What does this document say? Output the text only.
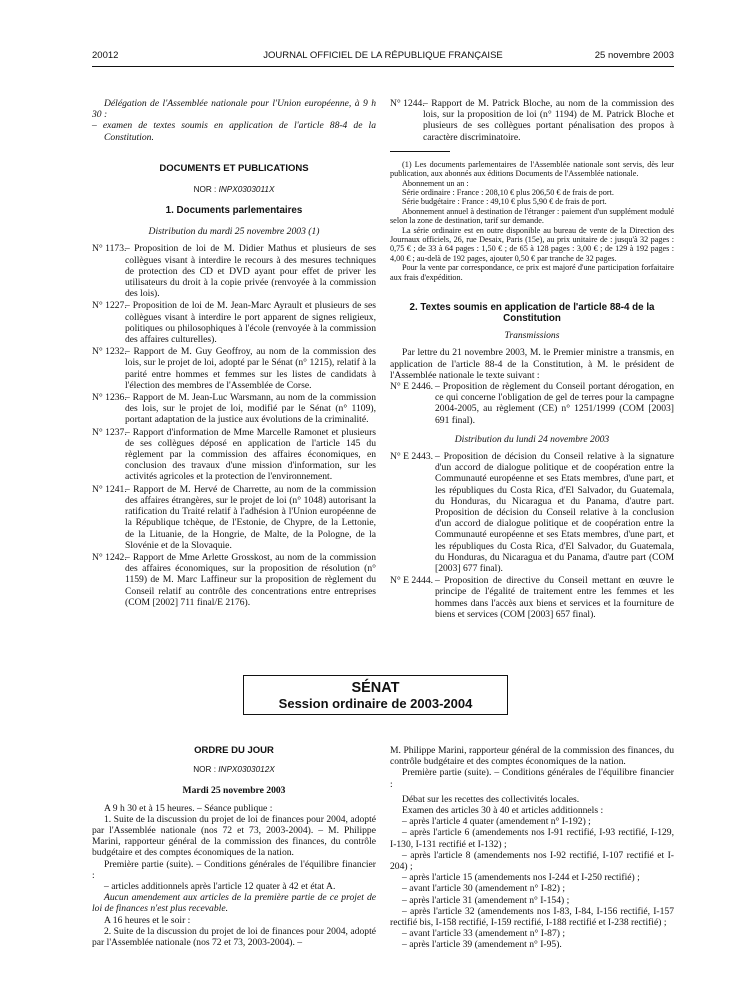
20012	JOURNAL OFFICIEL DE LA RÉPUBLIQUE FRANÇAISE	25 novembre 2003

Délégation de l'Assemblée nationale pour l'Union européenne, à 9 h 30 :

– examen de textes soumis en application de l'article 88-4 de la Constitution.

DOCUMENTS ET PUBLICATIONS
NOR : INPX0303011X
1. Documents parlementaires
Distribution du mardi 25 novembre 2003 (1)
N° 1173.
– Proposition de loi de M. Didier Mathus et plusieurs de ses collègues visant à interdire le recours à des mesures techniques de protection des CD et DVD ayant pour effet de priver les utilisateurs du droit à la copie privée (renvoyée à la commission des lois).
N° 1227.
– Proposition de loi de M. Jean-Marc Ayrault et plusieurs de ses collègues visant à interdire le port apparent de signes religieux, politiques ou philosophiques à l'école (renvoyée à la commission des affaires culturelles).
N° 1232.
– Rapport de M. Guy Geoffroy, au nom de la commission des lois, sur le projet de loi, adopté par le Sénat (n° 1215), relatif à la parité entre hommes et femmes sur les listes de candidats à l'élection des membres de l'Assemblée de Corse.
N° 1236.
– Rapport de M. Jean-Luc Warsmann, au nom de la commission des lois, sur le projet de loi, modifié par le Sénat (n° 1109), portant adaptation de la justice aux évolutions de la criminalité.
N° 1237.
– Rapport d'information de Mme Marcelle Ramonet et plusieurs de ses collègues déposé en application de l'article 145 du règlement par la commission des affaires économiques, en conclusion des travaux d'une mission d'information, sur les activités agricoles et la protection de l'environnement.
N° 1241.
– Rapport de M. Hervé de Charrette, au nom de la commission des affaires étrangères, sur le projet de loi (n° 1048) autorisant la ratification du Traité relatif à l'adhésion à l'Union européenne de la République tchèque, de l'Estonie, de Chypre, de la Lettonie, de la Lituanie, de la Hongrie, de Malte, de la Pologne, de la Slovénie et de la Slovaquie.
N° 1242.
– Rapport de Mme Arlette Grosskost, au nom de la commission des affaires économiques, sur la proposition de résolution (n° 1159) de M. Marc Laffineur sur la proposition de règlement du Conseil relatif au contrôle des concentrations entre entreprises (COM [2002] 711 final/E 2176).
N° 1244.
– Rapport de M. Patrick Bloche, au nom de la commission des lois, sur la proposition de loi (n° 1194) de M. Patrick Bloche et plusieurs de ses collègues portant pénalisation des propos à caractère discriminatoire.

(1) Les documents parlementaires de l'Assemblée nationale sont servis, dès leur publication, aux abonnés aux éditions Documents de l'Assemblée nationale.

Abonnement un an :

Série ordinaire : France : 208,10 € plus 206,50 € de frais de port.

Série budgétaire : France : 49,10 € plus 5,90 € de frais de port.

Abonnement annuel à destination de l'étranger : paiement d'un supplément modulé selon la zone de destination, tarif sur demande.

La série ordinaire est en outre disponible au bureau de vente de la Direction des Journaux officiels, 26, rue Desaix, Paris (15e), au prix unitaire de : jusqu'à 32 pages : 0,75 € ; de 33 à 64 pages : 1,50 € ; de 65 à 128 pages : 3,00 € ; de 129 à 192 pages : 4,00 € ; au-delà de 192 pages, ajouter 0,50 € par tranche de 32 pages.

Pour la vente par correspondance, ce prix est majoré d'une participation forfaitaire aux frais d'expédition.

2. Textes soumis en application de l'article 88-4 de la Constitution
Transmissions

Par lettre du 21 novembre 2003, M. le Premier ministre a transmis, en application de l'article 88-4 de la Constitution, à M. le président de l'Assemblée nationale le texte suivant :

N° E 2446. – Proposition de règlement du Conseil portant dérogation, en ce qui concerne l'obligation de gel de terres pour la campagne 2004-2005, au règlement (CE) n° 1251/1999 (COM [2003] 691 final).
Distribution du lundi 24 novembre 2003
N° E 2443. – Proposition de décision du Conseil relative à la signature d'un accord de dialogue politique et de coopération entre la Communauté européenne et ses Etats membres, d'une part, et les républiques du Costa Rica, d'El Salvador, du Guatemala, du Honduras, du Nicaragua et du Panama, d'autre part. Proposition de décision du Conseil relative à la conclusion d'un accord de dialogue politique et de coopération entre la Communauté européenne et ses Etats membres, d'une part, et les républiques du Costa Rica, d'El Salvador, du Guatemala, du Honduras, du Nicaragua et du Panama, d'autre part (COM [2003] 677 final).
N° E 2444. – Proposition de directive du Conseil mettant en œuvre le principe de l'égalité de traitement entre les femmes et les hommes dans l'accès aux biens et services et la fourniture de biens et services (COM [2003] 657 final).
SÉNAT
Session ordinaire de 2003-2004
ORDRE DU JOUR
NOR : INPX0303012X
Mardi 25 novembre 2003

A 9 h 30 et à 15 heures. – Séance publique :

1. Suite de la discussion du projet de loi de finances pour 2004, adopté par l'Assemblée nationale (nos 72 et 73, 2003-2004). – M. Philippe Marini, rapporteur général de la commission des finances, du contrôle budgétaire et des comptes économiques de la nation.

Première partie (suite). – Conditions générales de l'équilibre financier :

– articles additionnels après l'article 12 quater à 42 et état A.

Aucun amendement aux articles de la première partie de ce projet de loi de finances n'est plus recevable.

A 16 heures et le soir :

2. Suite de la discussion du projet de loi de finances pour 2004, adopté par l'Assemblée nationale (nos 72 et 73, 2003-2004). –

M. Philippe Marini, rapporteur général de la commission des finances, du contrôle budgétaire et des comptes économiques de la nation.

Première partie (suite). – Conditions générales de l'équilibre financier :

Débat sur les recettes des collectivités locales.

Examen des articles 30 à 40 et articles additionnels :

– après l'article 4 quater (amendement n° I-192) ;

– après l'article 6 (amendements nos I-91 rectifié, I-93 rectifié, I-129, I-130, I-131 rectifié et I-132) ;

– après l'article 8 (amendements nos I-92 rectifié, I-107 rectifié et I-204) ;

– après l'article 15 (amendements nos I-244 et I-250 rectifié) ;

– avant l'article 30 (amendement n° I-82) ;

– après l'article 31 (amendement n° I-154) ;

– après l'article 32 (amendements nos I-83, I-84, I-156 rectifié, I-157 rectifié bis, I-158 rectifié, I-159 rectifié, I-188 rectifié et I-238 rectifié) ;

– avant l'article 33 (amendement n° I-87) ;

– après l'article 39 (amendement n° I-95).
